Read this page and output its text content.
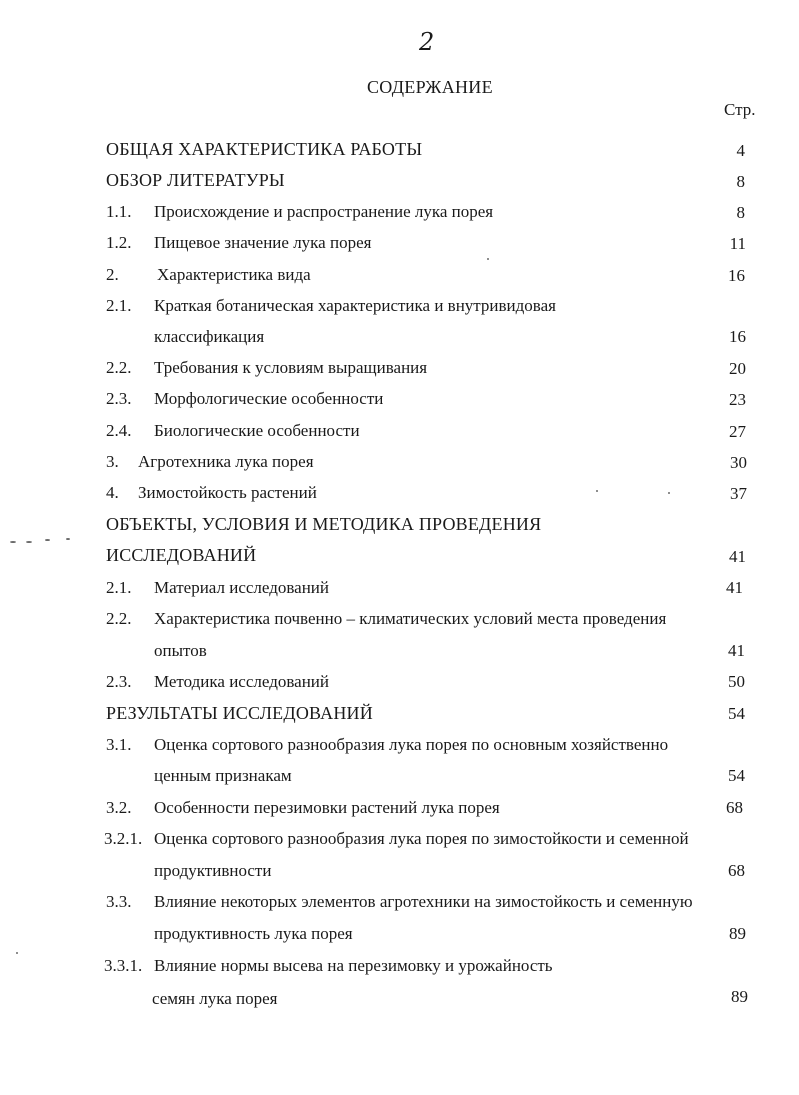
2
СОДЕРЖАНИЕ
Стр.
ОБЩАЯ ХАРАКТЕРИСТИКА РАБОТЫ	4
ОБЗОР ЛИТЕРАТУРЫ	8
1.1. Происхождение и распространение лука порея	8
1.2. Пищевое значение лука порея	11
2. Характеристика вида	16
2.1. Краткая ботаническая характеристика и внутривидовая
классификация	16
2.2. Требования к условиям выращивания	20
2.3. Морфологические особенности	23
2.4. Биологические особенности	27
3. Агротехника лука порея	30
4. Зимостойкость растений	37
ОБЪЕКТЫ, УСЛОВИЯ И МЕТОДИКА ПРОВЕДЕНИЯ
ИССЛЕДОВАНИЙ	41
2.1. Материал исследований	41
2.2. Характеристика почвенно – климатических условий места проведения
опытов	41
2.3. Методика исследований	50
РЕЗУЛЬТАТЫ ИССЛЕДОВАНИЙ	54
3.1. Оценка сортового разнообразия лука порея по основным хозяйственно
ценным признакам	54
3.2. Особенности перезимовки растений лука порея	68
3.2.1. Оценка сортового разнообразия лука порея по зимостойкости и семенной
продуктивности	68
3.3. Влияние некоторых элементов агротехники на зимостойкость и семенную
продуктивность лука порея	89
3.3.1. Влияние нормы высева на перезимовку и урожайность
семян лука порея	89
